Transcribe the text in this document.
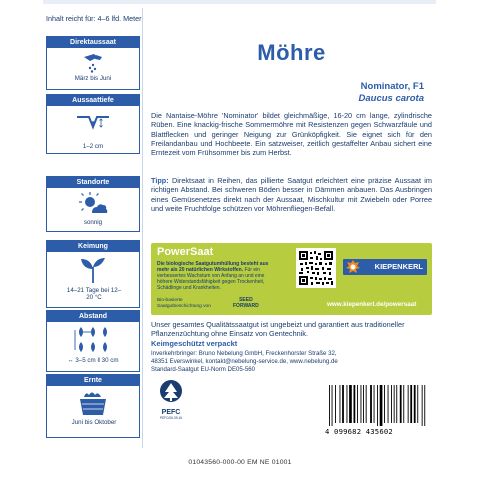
Inhalt reicht für: 4–6 lfd. Meter
Direktaussaat
März bis Juni
Aussaattiefe
1–2 cm
Standorte
sonnig
Keimung
14–21 Tage bei 12–20 °C
Abstand
↔ 3–5 cm ‖ 30 cm
Ernte
Juni bis Oktober
Möhre
Nominator, F1
Daucus carota
Die Nantaise-Möhre 'Nominator' bildet gleichmäßige, 16-20 cm lange, zylindrische Rüben. Eine knackig-frische Sommermöhre mit Resistenzen gegen Schwarzfäule und Blattflecken und geringer Neigung zur Grünköpfigkeit. Sie eignet sich für den Freilandanbau und Hochbeete. Ein satzweiser, zeitlich gestaffelter Anbau sichert eine Erntezeit vom Frühsommer bis zum Herbst.
Tipp: Direktsaat in Reihen, das pillierte Saatgut erleichtert eine präzise Aussaat im richtigen Abstand. Bei schweren Böden besser in Dämmen anbauen. Das Ausbringen eines Gemüsenetzes direkt nach der Aussaat, Mischkultur mit Zwiebeln oder Porree und weite Fruchtfolge schützen vor Möhrenfliegen-Befall.
PowerSaat
Die biologische Saatgutumhüllung besteht aus mehr als 20 natürlichen Wirkstoffen. Für ein verbessertes Wachstum von Anfang an und eine höhere Widerstandsfähigkeit gegen Trockenheit, Schädlinge und Krankheiten.
Bio-basierte Saatgutbeschichtung von
SEED
FORWARD
KIEPENKERL
www.kiepenkerl.de/powersaat
Unser gesamtes Qualitätssaatgut ist ungebeizt und garantiert aus traditioneller Pflanzenzüchtung ohne Einsatz von Gentechnik.
Keimgeschützt verpackt
Inverkehrbringer: Bruno Nebelung GmbH, Freckenhorster Straße 32,
48351 Everswinkel, kontakt@nebelung-service.de, www.nebelung.de
Standard-Saatgut EU-Norm DE05-560
PEFC
PEFC/06-39-16
4 099682 435602
01043560-000-00 EM NE 01001
